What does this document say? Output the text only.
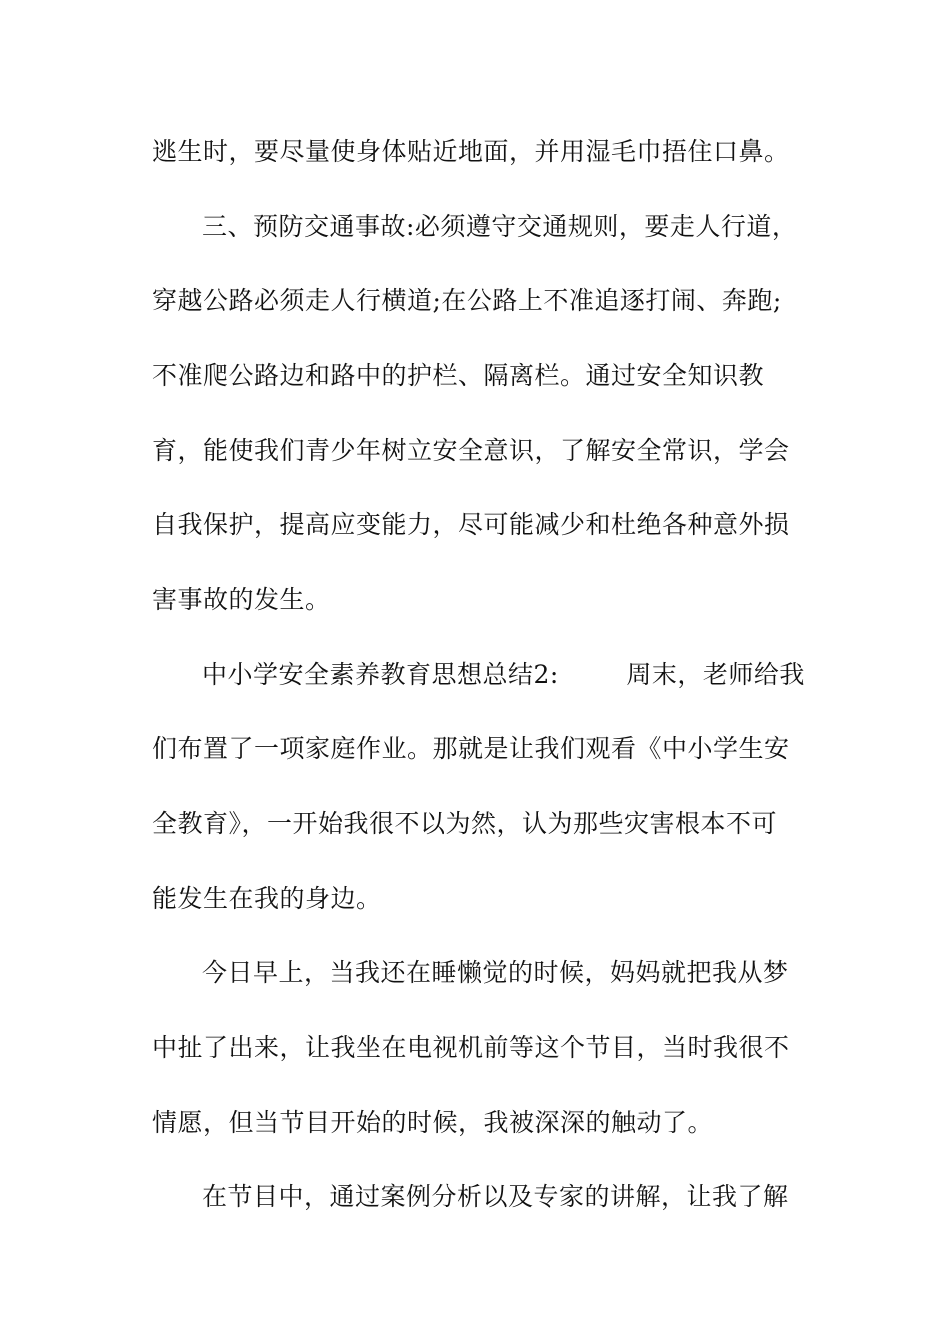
逃生时，要尽量使身体贴近地面，并用湿毛巾捂住口鼻。
三、预防交通事故:必须遵守交通规则，要走人行道，
穿越公路必须走人行横道;在公路上不准追逐打闹、奔跑;
不准爬公路边和路中的护栏、隔离栏。通过安全知识教
育，能使我们青少年树立安全意识，了解安全常识，学会
自我保护，提高应变能力，尽可能减少和杜绝各种意外损
害事故的发生。
中小学安全素养教育思想总结2:        周末，老师给我
们布置了一项家庭作业。那就是让我们观看《中小学生安
全教育》，一开始我很不以为然，认为那些灾害根本不可
能发生在我的身边。
今日早上，当我还在睡懒觉的时候，妈妈就把我从梦
中扯了出来，让我坐在电视机前等这个节目，当时我很不
情愿，但当节目开始的时候，我被深深的触动了。
在节目中，通过案例分析以及专家的讲解，让我了解
